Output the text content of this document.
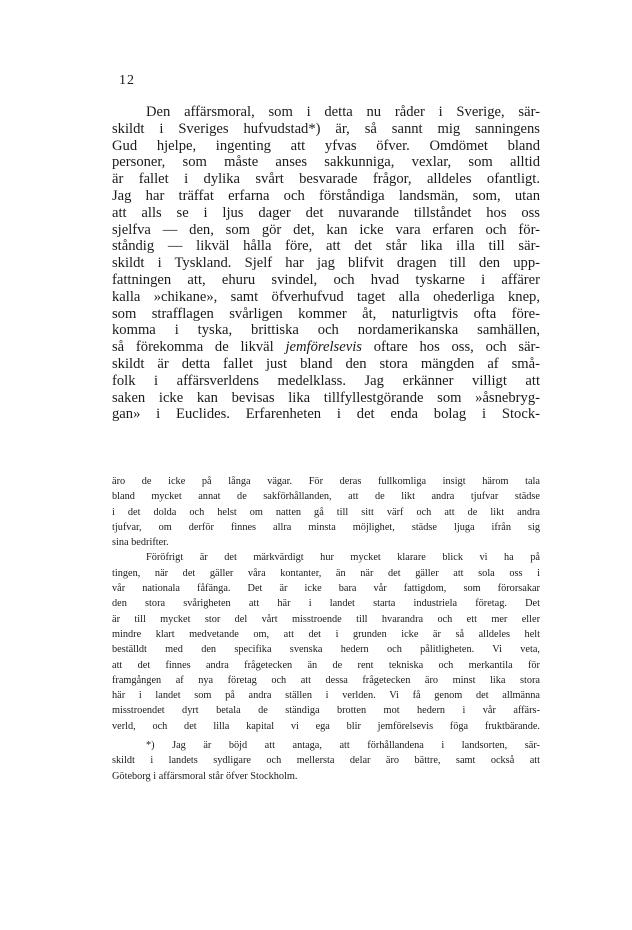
12
Den affärsmoral, som i detta nu råder i Sverige, sär-
skildt i Sveriges hufvudstad*) är, så sannt mig sanningens
Gud hjelpe, ingenting att yfvas öfver. Omdömet bland
personer, som måste anses sakkunniga, vexlar, som alltid
är fallet i dylika svårt besvarade frågor, alldeles ofantligt.
Jag har träffat erfarna och förståndiga landsmän, som, utan
att alls se i ljus dager det nuvarande tillståndet hos oss
sjelfva — den, som gör det, kan icke vara erfaren och för-
ståndig — likväl hålla före, att det står lika illa till sär-
skildt i Tyskland. Sjelf har jag blifvit dragen till den upp-
fattningen att, ehuru svindel, och hvad tyskarne i affärer
kalla »chikane», samt öfverhufvud taget alla ohederliga knep,
som strafflagen svårligen kommer åt, naturligtvis ofta före-
komma i tyska, brittiska och nordamerikanska samhällen,
så förekomma de likväl jemförelsevis oftare hos oss, och sär-
skildt är detta fallet just bland den stora mängden af små-
folk i affärsverldens medelklass. Jag erkänner villigt att
saken icke kan bevisas lika tillfyllestgörande som »åsnebryg-
gan» i Euclides. Erfarenheten i det enda bolag i Stock-
äro de icke på långa vägar. För deras fullkomliga insigt härom tala
bland mycket annat de sakförhållanden, att de likt andra tjufvar städse
i det dolda och helst om natten gå till sitt värf och att de likt andra
tjufvar, om derför finnes allra minsta möjlighet, städse ljuga ifrån sig
sina bedrifter.
Föröfrigt är det märkvärdigt hur mycket klarare blick vi ha på
tingen, när det gäller våra kontanter, än när det gäller att sola oss i
vår nationala fåfänga. Det är icke bara vår fattigdom, som förorsakar
den stora svårigheten att här i landet starta industriela företag. Det
är till mycket stor del vårt misstroende till hvarandra och ett mer eller
mindre klart medvetande om, att det i grunden icke är så alldeles helt
beställdt med den specifika svenska hedern och pålitligheten. Vi veta,
att det finnes andra frågetecken än de rent tekniska och merkantila för
framgången af nya företag och att dessa frågetecken äro minst lika stora
här i landet som på andra ställen i verlden. Vi få genom det allmänna
misstroendet dyrt betala de ständiga brotten mot hedern i vår affärs-
verld, och det lilla kapital vi ega blir jemförelsevis föga fruktbärande.
*) Jag är böjd att antaga, att förhållandena i landsorten, sär-
skildt i landets sydligare och mellersta delar äro bättre, samt också att
Göteborg i affärsmoral står öfver Stockholm.
